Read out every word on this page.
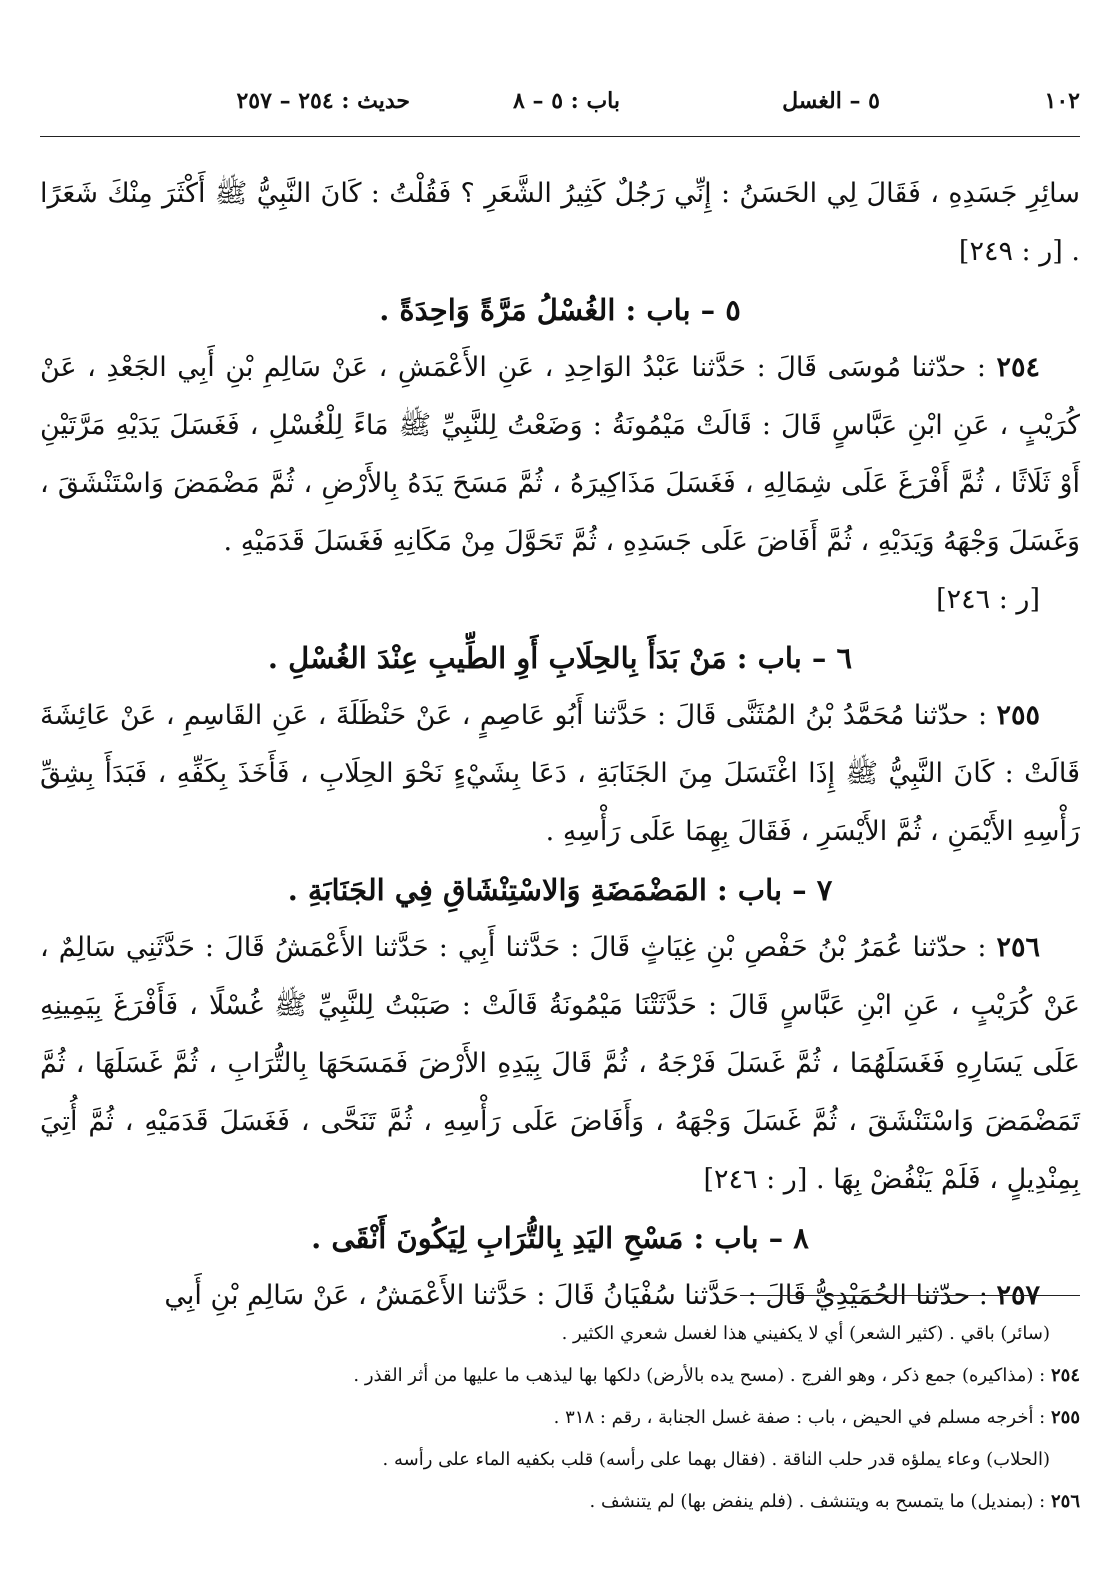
١٠٢
٥ – الغسل
باب : ٥ – ٨
حديث : ٢٥٤ – ٢٥٧

سائِرِ جَسَدِهِ ، فَقَالَ لِي الحَسَنُ : إِنِّي رَجُلٌ كَثِيرُ الشَّعَرِ ؟ فَقُلْتُ : كَانَ النَّبِيُّ ﷺ أَكْثَرَ مِنْكَ شَعَرًا . [ر : ٢٤٩]

٥ – باب : الغُسْلُ مَرَّةً وَاحِدَةً .

٢٥٤ : حدّثنا مُوسَى قَالَ : حَدَّثنا عَبْدُ الوَاحِدِ ، عَنِ الأَعْمَشِ ، عَنْ سَالِمِ بْنِ أَبِي الجَعْدِ ، عَنْ كُرَيْبٍ ، عَنِ ابْنِ عَبَّاسٍ قَالَ : قَالَتْ مَيْمُونَةُ : وَضَعْتُ لِلنَّبِيِّ ﷺ مَاءً لِلْغُسْلِ ، فَغَسَلَ يَدَيْهِ مَرَّتَيْنِ أَوْ ثَلَاثًا ، ثُمَّ أَفْرَغَ عَلَى شِمَالِهِ ، فَغَسَلَ مَذَاكِيرَهُ ، ثُمَّ مَسَحَ يَدَهُ بِالأَرْضِ ، ثُمَّ مَضْمَضَ وَاسْتَنْشَقَ ، وَغَسَلَ وَجْهَهُ وَيَدَيْهِ ، ثُمَّ أَفَاضَ عَلَى جَسَدِهِ ، ثُمَّ تَحَوَّلَ مِنْ مَكَانِهِ فَغَسَلَ قَدَمَيْهِ .

[ر : ٢٤٦]

٦ – باب : مَنْ بَدَأَ بِالحِلَابِ أَوِ الطِّيبِ عِنْدَ الغُسْلِ .

٢٥٥ : حدّثنا مُحَمَّدُ بْنُ المُثَنَّى قَالَ : حَدَّثنا أَبُو عَاصِمٍ ، عَنْ حَنْظَلَةَ ، عَنِ القَاسِمِ ، عَنْ عَائِشَةَ قَالَتْ : كَانَ النَّبِيُّ ﷺ إِذَا اغْتَسَلَ مِنَ الجَنَابَةِ ، دَعَا بِشَيْءٍ نَحْوَ الحِلَابِ ، فَأَخَذَ بِكَفِّهِ ، فَبَدَأَ بِشِقِّ رَأْسِهِ الأَيْمَنِ ، ثُمَّ الأَيْسَرِ ، فَقَالَ بِهِمَا عَلَى رَأْسِهِ .

٧ – باب : المَضْمَضَةِ وَالاسْتِنْشَاقِ فِي الجَنَابَةِ .

٢٥٦ : حدّثنا عُمَرُ بْنُ حَفْصِ بْنِ غِيَاثٍ قَالَ : حَدَّثنا أَبِي : حَدَّثنا الأَعْمَشُ قَالَ : حَدَّثَنِي سَالِمٌ ، عَنْ كُرَيْبٍ ، عَنِ ابْنِ عَبَّاسٍ قَالَ : حَدَّثَتْنَا مَيْمُونَةُ قَالَتْ : صَبَبْتُ لِلنَّبِيِّ ﷺ غُسْلًا ، فَأَفْرَغَ بِيَمِينِهِ عَلَى يَسَارِهِ فَغَسَلَهُمَا ، ثُمَّ غَسَلَ فَرْجَهُ ، ثُمَّ قَالَ بِيَدِهِ الأَرْضَ فَمَسَحَهَا بِالتُّرَابِ ، ثُمَّ غَسَلَهَا ، ثُمَّ تَمَضْمَضَ وَاسْتَنْشَقَ ، ثُمَّ غَسَلَ وَجْهَهُ ، وَأَفَاضَ عَلَى رَأْسِهِ ، ثُمَّ تَنَحَّى ، فَغَسَلَ قَدَمَيْهِ ، ثُمَّ أُتِيَ بِمِنْدِيلٍ ، فَلَمْ يَنْفُضْ بِهَا . [ر : ٢٤٦]

٨ – باب : مَسْحِ اليَدِ بِالتُّرَابِ لِيَكُونَ أَنْقَى .

٢٥٧ : حدّثنا الحُمَيْدِيُّ قَالَ : حَدَّثنا سُفْيَانُ قَالَ : حَدَّثنا الأَعْمَشُ ، عَنْ سَالِمِ بْنِ أَبِي

(سائر) باقي . (كثير الشعر) أي لا يكفيني هذا لغسل شعري الكثير .

٢٥٤ : (مذاكيره) جمع ذكر ، وهو الفرج . (مسح يده بالأرض) دلكها بها ليذهب ما عليها من أثر القذر .

٢٥٥ : أخرجه مسلم في الحيض ، باب : صفة غسل الجنابة ، رقم : ٣١٨ .

(الحلاب) وعاء يملؤه قدر حلب الناقة . (فقال بهما على رأسه) قلب بكفيه الماء على رأسه .

٢٥٦ : (بمنديل) ما يتمسح به ويتنشف . (فلم ينفض بها) لم يتنشف .
